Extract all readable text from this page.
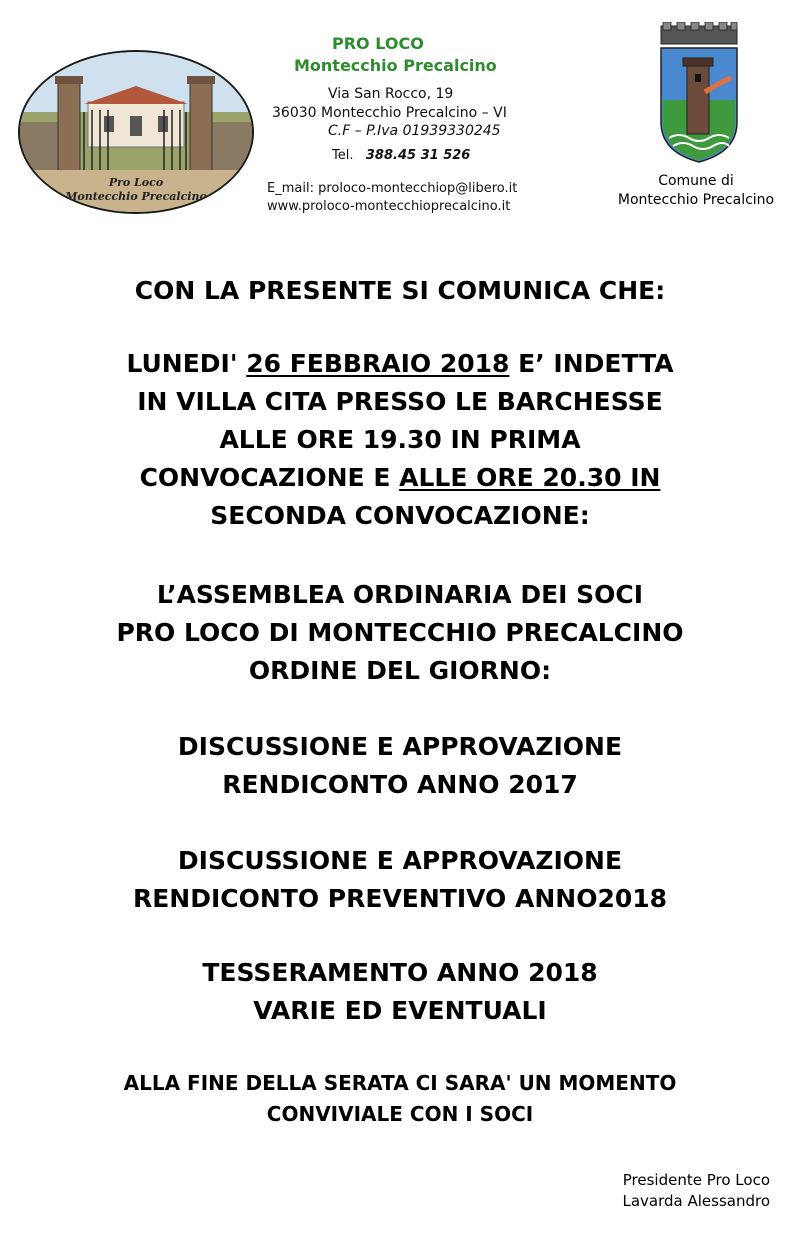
Pro Loco
Montecchio Precalcino
PRO LOCO
Montecchio Precalcino
Via San Rocco, 19
36030 Montecchio Precalcino – VI
C.F – P.Iva 01939330245
Tel. 388.45 31 526
E_mail: proloco-montecchiop@libero.it
www.proloco-montecchioprecalcino.it
Comune di
Montecchio Precalcino
CON LA PRESENTE SI COMUNICA CHE:
LUNEDI' 26 FEBBRAIO 2018 E’ INDETTA
IN VILLA CITA PRESSO LE BARCHESSE
ALLE ORE 19.30 IN PRIMA
CONVOCAZIONE E ALLE ORE 20.30 IN
SECONDA CONVOCAZIONE:
L’ASSEMBLEA ORDINARIA DEI SOCI
PRO LOCO DI MONTECCHIO PRECALCINO
ORDINE DEL GIORNO:
DISCUSSIONE E APPROVAZIONE
RENDICONTO ANNO 2017
DISCUSSIONE E APPROVAZIONE
RENDICONTO PREVENTIVO ANNO2018
TESSERAMENTO ANNO 2018
VARIE ED EVENTUALI
ALLA FINE DELLA SERATA CI SARA' UN MOMENTO
CONVIVIALE CON I SOCI
Presidente Pro Loco
Lavarda Alessandro
